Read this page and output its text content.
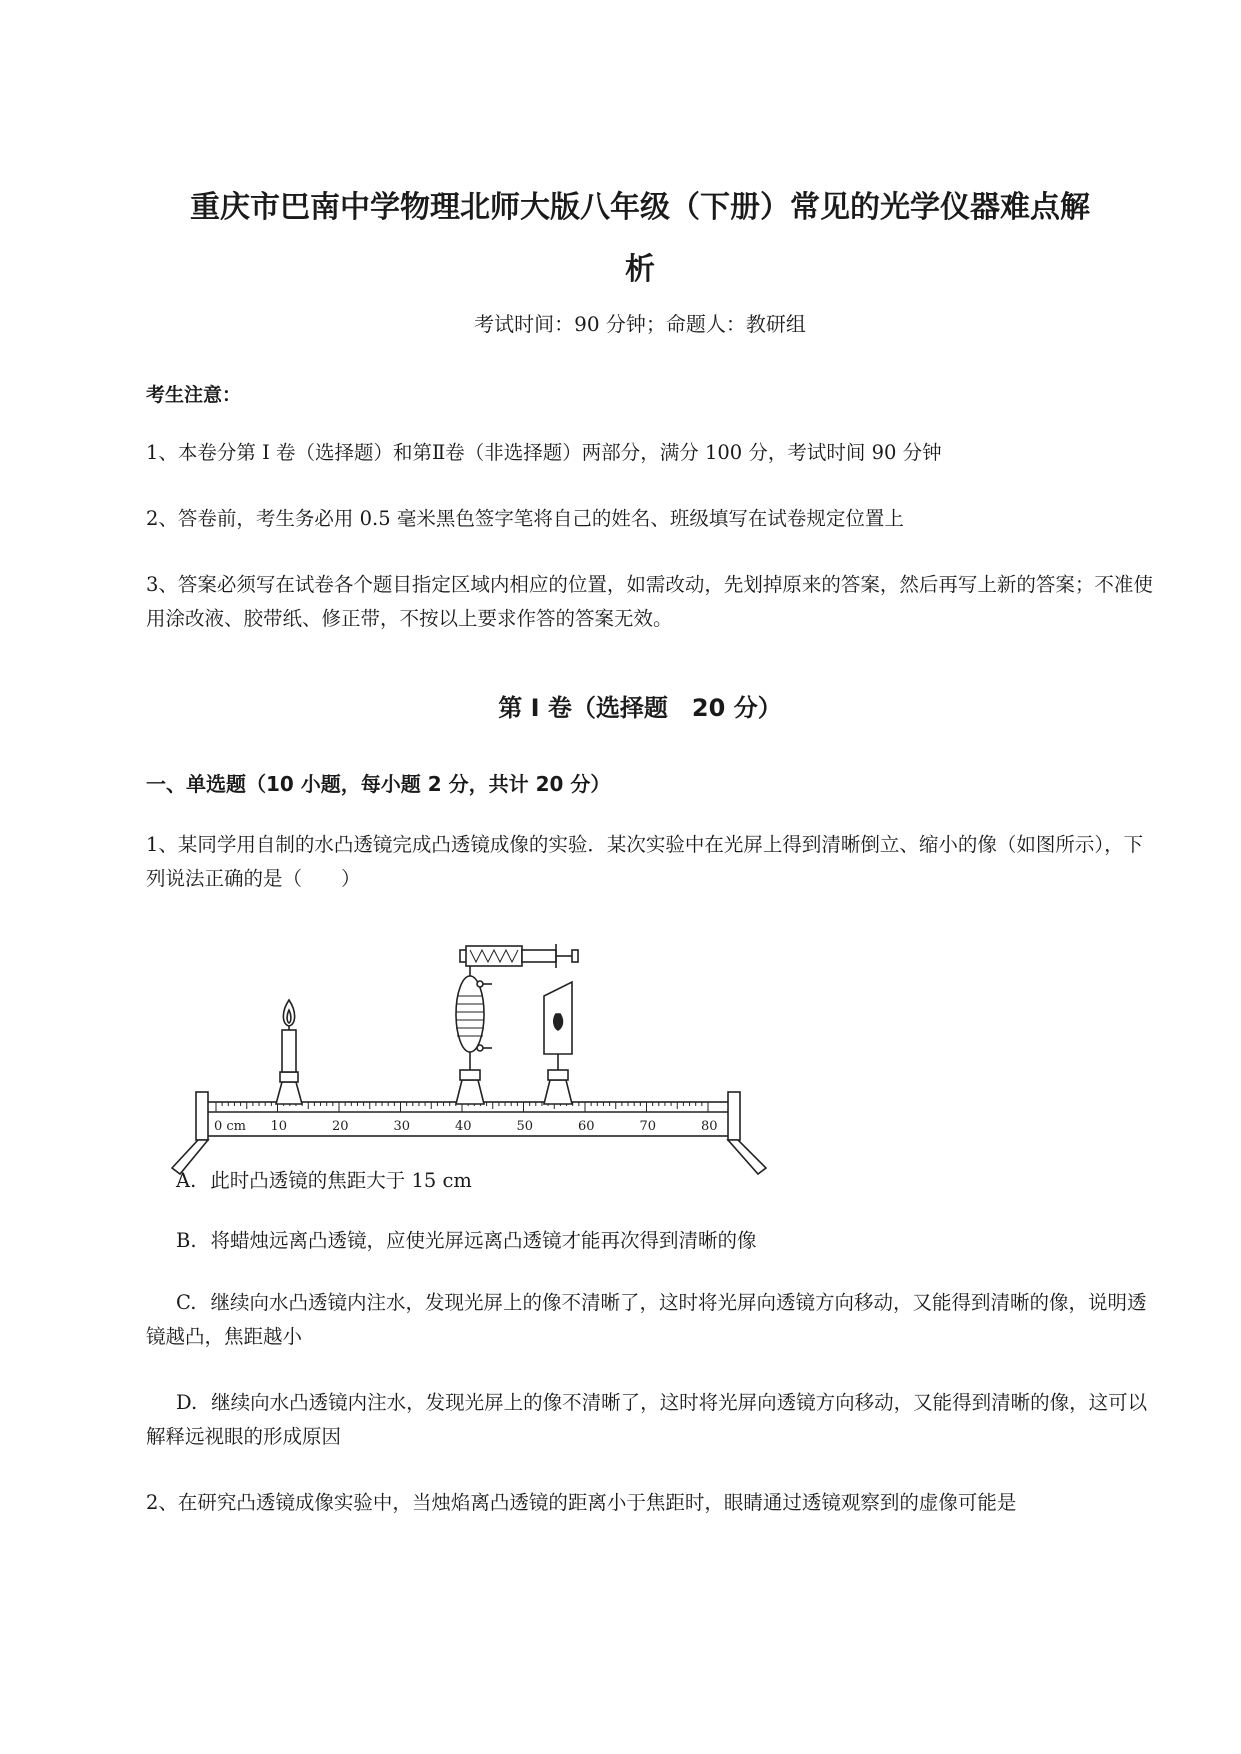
重庆市巴南中学物理北师大版八年级（下册）常见的光学仪器难点解
析
考试时间：90 分钟；命题人：教研组
考生注意：
1、本卷分第 I 卷（选择题）和第Ⅱ卷（非选择题）两部分，满分 100 分，考试时间 90 分钟
2、答卷前，考生务必用 0.5 毫米黑色签字笔将自己的姓名、班级填写在试卷规定位置上
3、答案必须写在试卷各个题目指定区域内相应的位置，如需改动，先划掉原来的答案，然后再写上新的答案；不准使用涂改液、胶带纸、修正带，不按以上要求作答的答案无效。
第 I 卷（选择题　20 分）
一、单选题（10 小题，每小题 2 分，共计 20 分）
1、某同学用自制的水凸透镜完成凸透镜成像的实验．某次实验中在光屏上得到清晰倒立、缩小的像（如图所示），下列说法正确的是（　　）
0 cm 10	20	30	40	50	60	70	80
A. 此时凸透镜的焦距大于 15 cm
B. 将蜡烛远离凸透镜，应使光屏远离凸透镜才能再次得到清晰的像
C. 继续向水凸透镜内注水，发现光屏上的像不清晰了，这时将光屏向透镜方向移动，又能得到清晰的像，说明透镜越凸，焦距越小
D. 继续向水凸透镜内注水，发现光屏上的像不清晰了，这时将光屏向透镜方向移动，又能得到清晰的像，这可以解释远视眼的形成原因
2、在研究凸透镜成像实验中，当烛焰离凸透镜的距离小于焦距时，眼睛通过透镜观察到的虚像可能是
